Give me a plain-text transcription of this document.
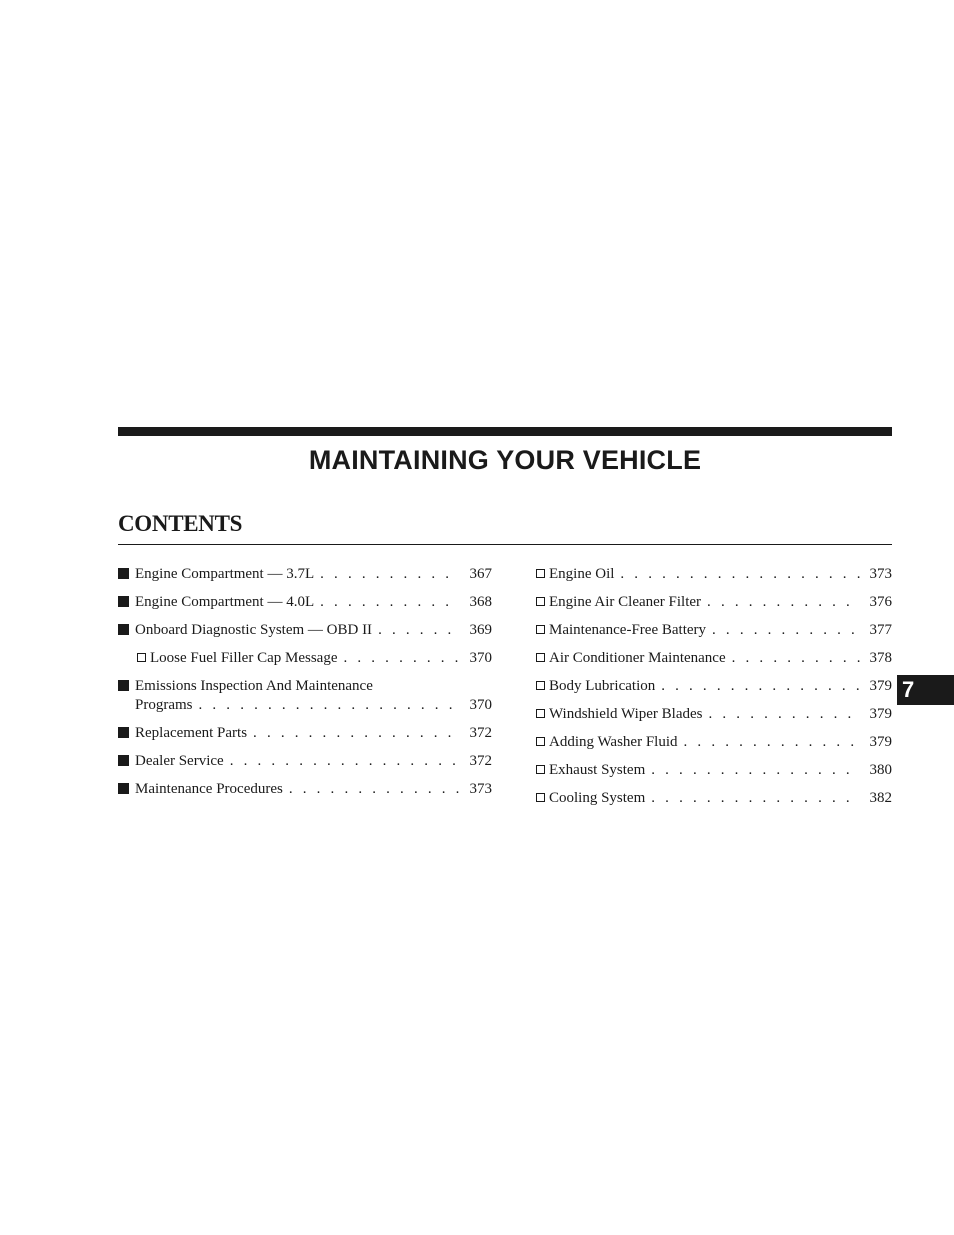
MAINTAINING YOUR VEHICLE
CONTENTS
Engine Compartment — 3.7L . . .	367
Engine Compartment — 4.0L . . .	368
Onboard Diagnostic System — OBD II . . .	369
Loose Fuel Filler Cap Message . . .	370
Emissions Inspection And Maintenance
Programs . . .	370
Replacement Parts . . .	372
Dealer Service . . .	372
Maintenance Procedures . . .	373
Engine Oil . . .	373
Engine Air Cleaner Filter . . .	376
Maintenance-Free Battery . . .	377
Air Conditioner Maintenance . . .	378
Body Lubrication . . .	379
Windshield Wiper Blades . . .	379
Adding Washer Fluid . . .	379
Exhaust System . . .	380
Cooling System . . .	382
7
